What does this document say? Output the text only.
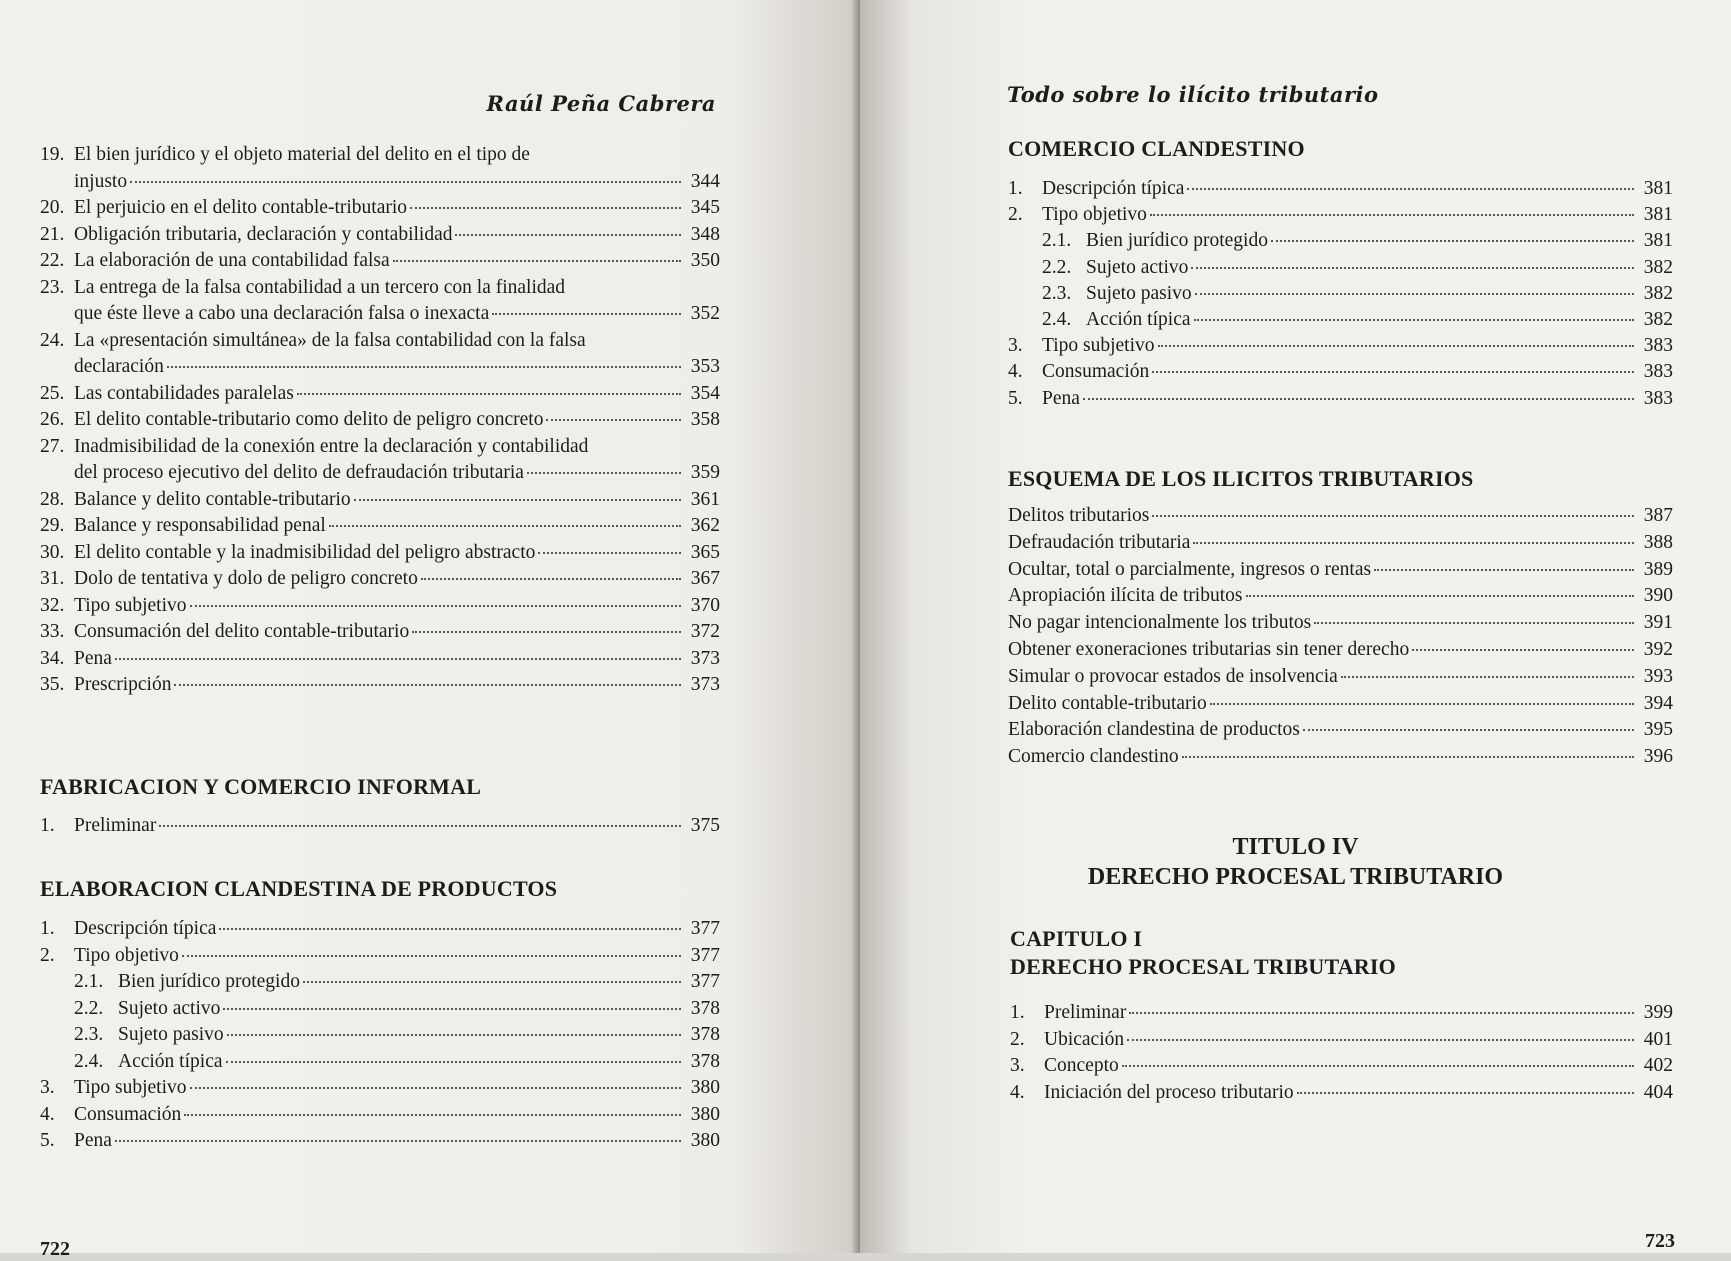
Raúl Peña Cabrera
19. El bien jurídico y el objeto material del delito en el tipo de
injusto	344
20. El perjuicio en el delito contable-tributario	345
21. Obligación tributaria, declaración y contabilidad	348
22. La elaboración de una contabilidad falsa	350
23. La entrega de la falsa contabilidad a un tercero con la finalidad
que éste lleve a cabo una declaración falsa o inexacta	352
24. La «presentación simultánea» de la falsa contabilidad con la falsa
declaración	353
25. Las contabilidades paralelas	354
26. El delito contable-tributario como delito de peligro concreto	358
27. Inadmisibilidad de la conexión entre la declaración y contabilidad
del proceso ejecutivo del delito de defraudación tributaria	359
28. Balance y delito contable-tributario	361
29. Balance y responsabilidad penal	362
30. El delito contable y la inadmisibilidad del peligro abstracto	365
31. Dolo de tentativa y dolo de peligro concreto	367
32. Tipo subjetivo	370
33. Consumación del delito contable-tributario	372
34. Pena	373
35. Prescripción	373
FABRICACION Y COMERCIO INFORMAL
1. Preliminar	375
ELABORACION CLANDESTINA DE PRODUCTOS
1. Descripción típica	377
2. Tipo objetivo	377
2.1. Bien jurídico protegido	377
2.2. Sujeto activo	378
2.3. Sujeto pasivo	378
2.4. Acción típica	378
3. Tipo subjetivo	380
4. Consumación	380
5. Pena	380
722
Todo sobre lo ilícito tributario
COMERCIO CLANDESTINO
1. Descripción típica	381
2. Tipo objetivo	381
2.1. Bien jurídico protegido	381
2.2. Sujeto activo	382
2.3. Sujeto pasivo	382
2.4. Acción típica	382
3. Tipo subjetivo	383
4. Consumación	383
5. Pena	383
ESQUEMA DE LOS ILICITOS TRIBUTARIOS
Delitos tributarios	387
Defraudación tributaria	388
Ocultar, total o parcialmente, ingresos o rentas	389
Apropiación ilícita de tributos	390
No pagar intencionalmente los tributos	391
Obtener exoneraciones tributarias sin tener derecho	392
Simular o provocar estados de insolvencia	393
Delito contable-tributario	394
Elaboración clandestina de productos	395
Comercio clandestino	396
TITULO IV
DERECHO PROCESAL TRIBUTARIO
CAPITULO I
DERECHO PROCESAL TRIBUTARIO
1. Preliminar	399
2. Ubicación	401
3. Concepto	402
4. Iniciación del proceso tributario	404
723
